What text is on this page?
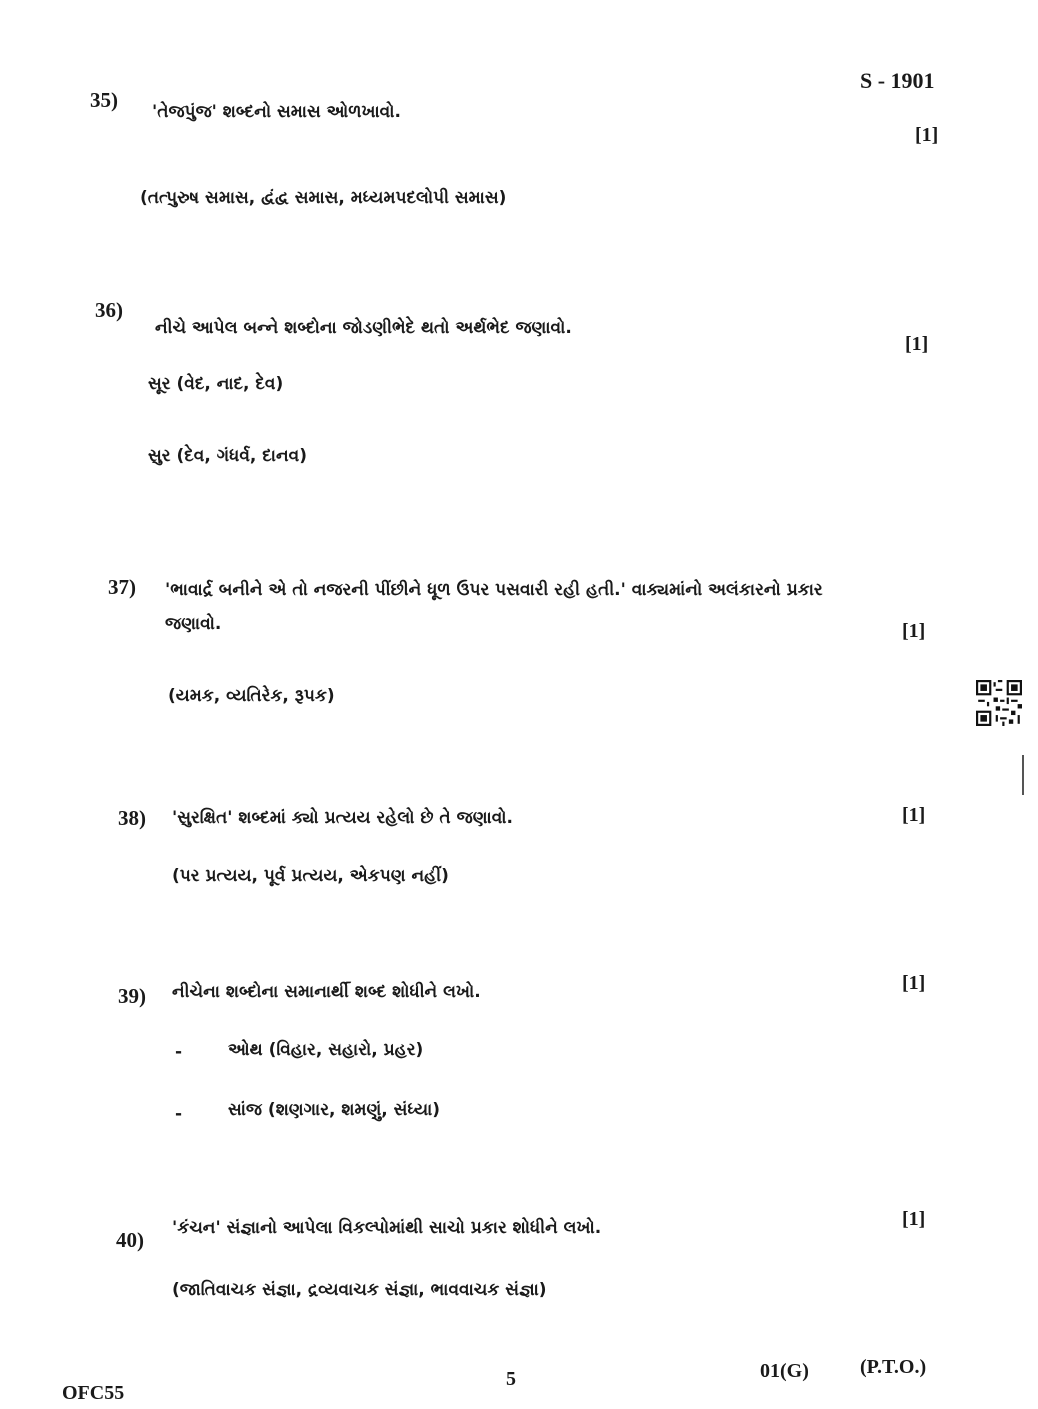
S - 1901
35) 'તેજપુંજ' શબ્દનો સમાસ ઓળખાવો.
[1]
(તત્પુરુષ સમાસ, દ્વંદ્વ સમાસ, મધ્યમપદલોપી સમાસ)
36)
નીચે આપેલ બન્ને શબ્દોના જોડણીભેદે થતો અર્થભેદ જણાવો.
[1]
સૂર (વેદ, નાદ, દેવ)
સુર (દેવ, ગંધર્વ, દાનવ)
37) 'ભાવાર્દ્ર બનીને એ તો નજરની પીંછીને ધૂળ ઉપર પસવારી રહી હતી.' વાક્યમાંનો અલંકારનો પ્રકાર
જણાવો.	[1]
(યમક, વ્યતિરેક, રૂપક)
38) 'સુરક્ષિત' શબ્દમાં ક્યો પ્રત્યય રહેલો છે તે જણાવો.	[1]
(પર પ્રત્યય, પૂર્વ પ્રત્યય, એકપણ નહીં)
39) નીચેના શબ્દોના સમાનાર્થી શબ્દ શોધીને લખો.	[1]
-	ઓથ (વિહાર, સહારો, પ્રહર)
-	સાંજ (શણગાર, શમણું, સંધ્યા)
40) 'કંચન' સંજ્ઞાનો આપેલા વિકલ્પોમાંથી સાચો પ્રકાર શોધીને લખો.	[1]
(જાતિવાચક સંજ્ઞા, દ્રવ્યવાચક સંજ્ઞા, ભાવવાચક સંજ્ઞા)
5	01(G)	(P.T.O.)
OFC55
